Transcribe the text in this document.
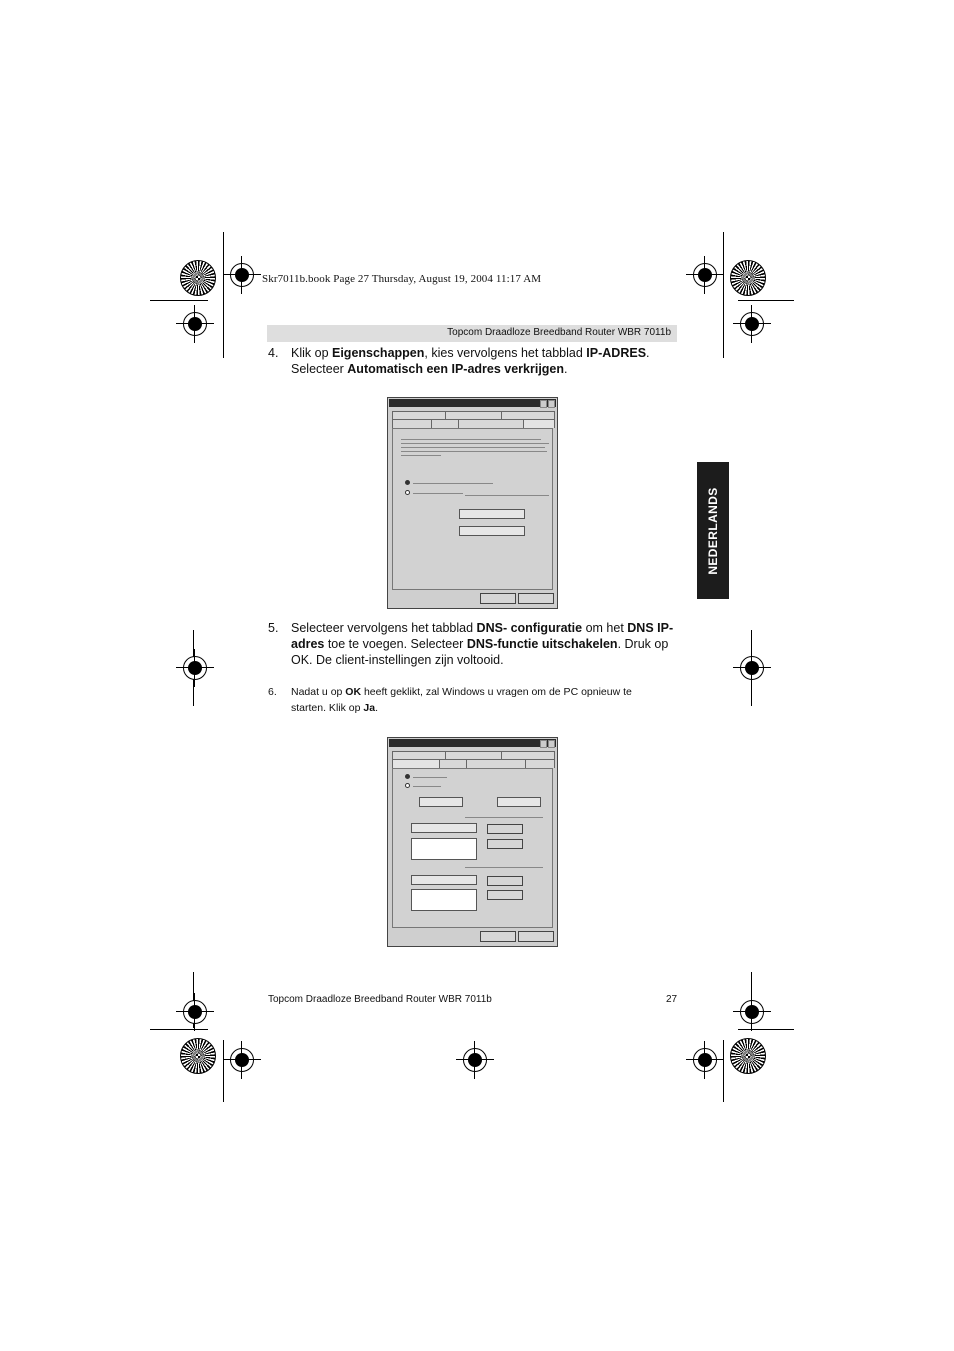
Skr7011b.book Page 27 Thursday, August 19, 2004 11:17 AM
Topcom Draadloze Breedband Router WBR 7011b
NEDERLANDS
4. Klik op Eigenschappen, kies vervolgens het tabblad IP-ADRES. Selecteer Automatisch een IP-adres verkrijgen.
5. Selecteer vervolgens het tabblad DNS- configuratie om het DNS IP-adres toe te voegen. Selecteer DNS-functie uitschakelen. Druk op OK. De client-instellingen zijn voltooid.
6. Nadat u op OK heeft geklikt, zal Windows u vragen om de PC opnieuw te starten. Klik op Ja.
Topcom Draadloze Breedband Router WBR 7011b	27
